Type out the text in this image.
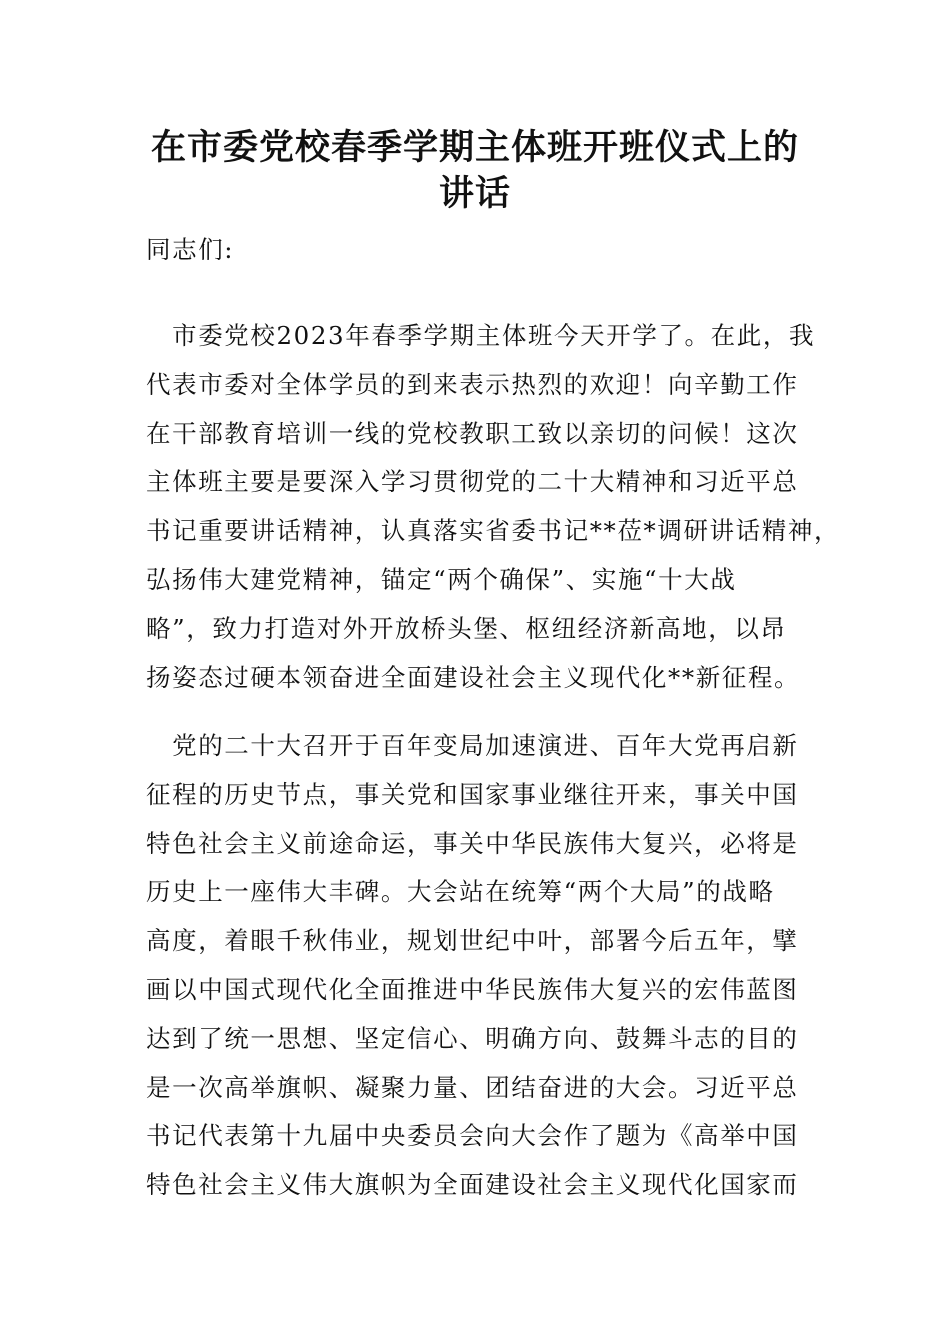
在市委党校春季学期主体班开班仪式上的
讲话
同志们:
　市委党校2023年春季学期主体班今天开学了。在此，我
代表市委对全体学员的到来表示热烈的欢迎！向辛勤工作
在干部教育培训一线的党校教职工致以亲切的问候！这次
主体班主要是要深入学习贯彻党的二十大精神和习近平总
书记重要讲话精神，认真落实省委书记**莅*调研讲话精神，
弘扬伟大建党精神，锚定“两个确保”、实施“十大战
略”，致力打造对外开放桥头堡、枢纽经济新高地，以昂
扬姿态过硬本领奋进全面建设社会主义现代化**新征程。
　党的二十大召开于百年变局加速演进、百年大党再启新
征程的历史节点，事关党和国家事业继往开来，事关中国
特色社会主义前途命运，事关中华民族伟大复兴，必将是
历史上一座伟大丰碑。大会站在统筹“两个大局”的战略
高度，着眼千秋伟业，规划世纪中叶，部署今后五年，擘
画以中国式现代化全面推进中华民族伟大复兴的宏伟蓝图
达到了统一思想、坚定信心、明确方向、鼓舞斗志的目的
是一次高举旗帜、凝聚力量、团结奋进的大会。习近平总
书记代表第十九届中央委员会向大会作了题为《高举中国
特色社会主义伟大旗帜为全面建设社会主义现代化国家而
